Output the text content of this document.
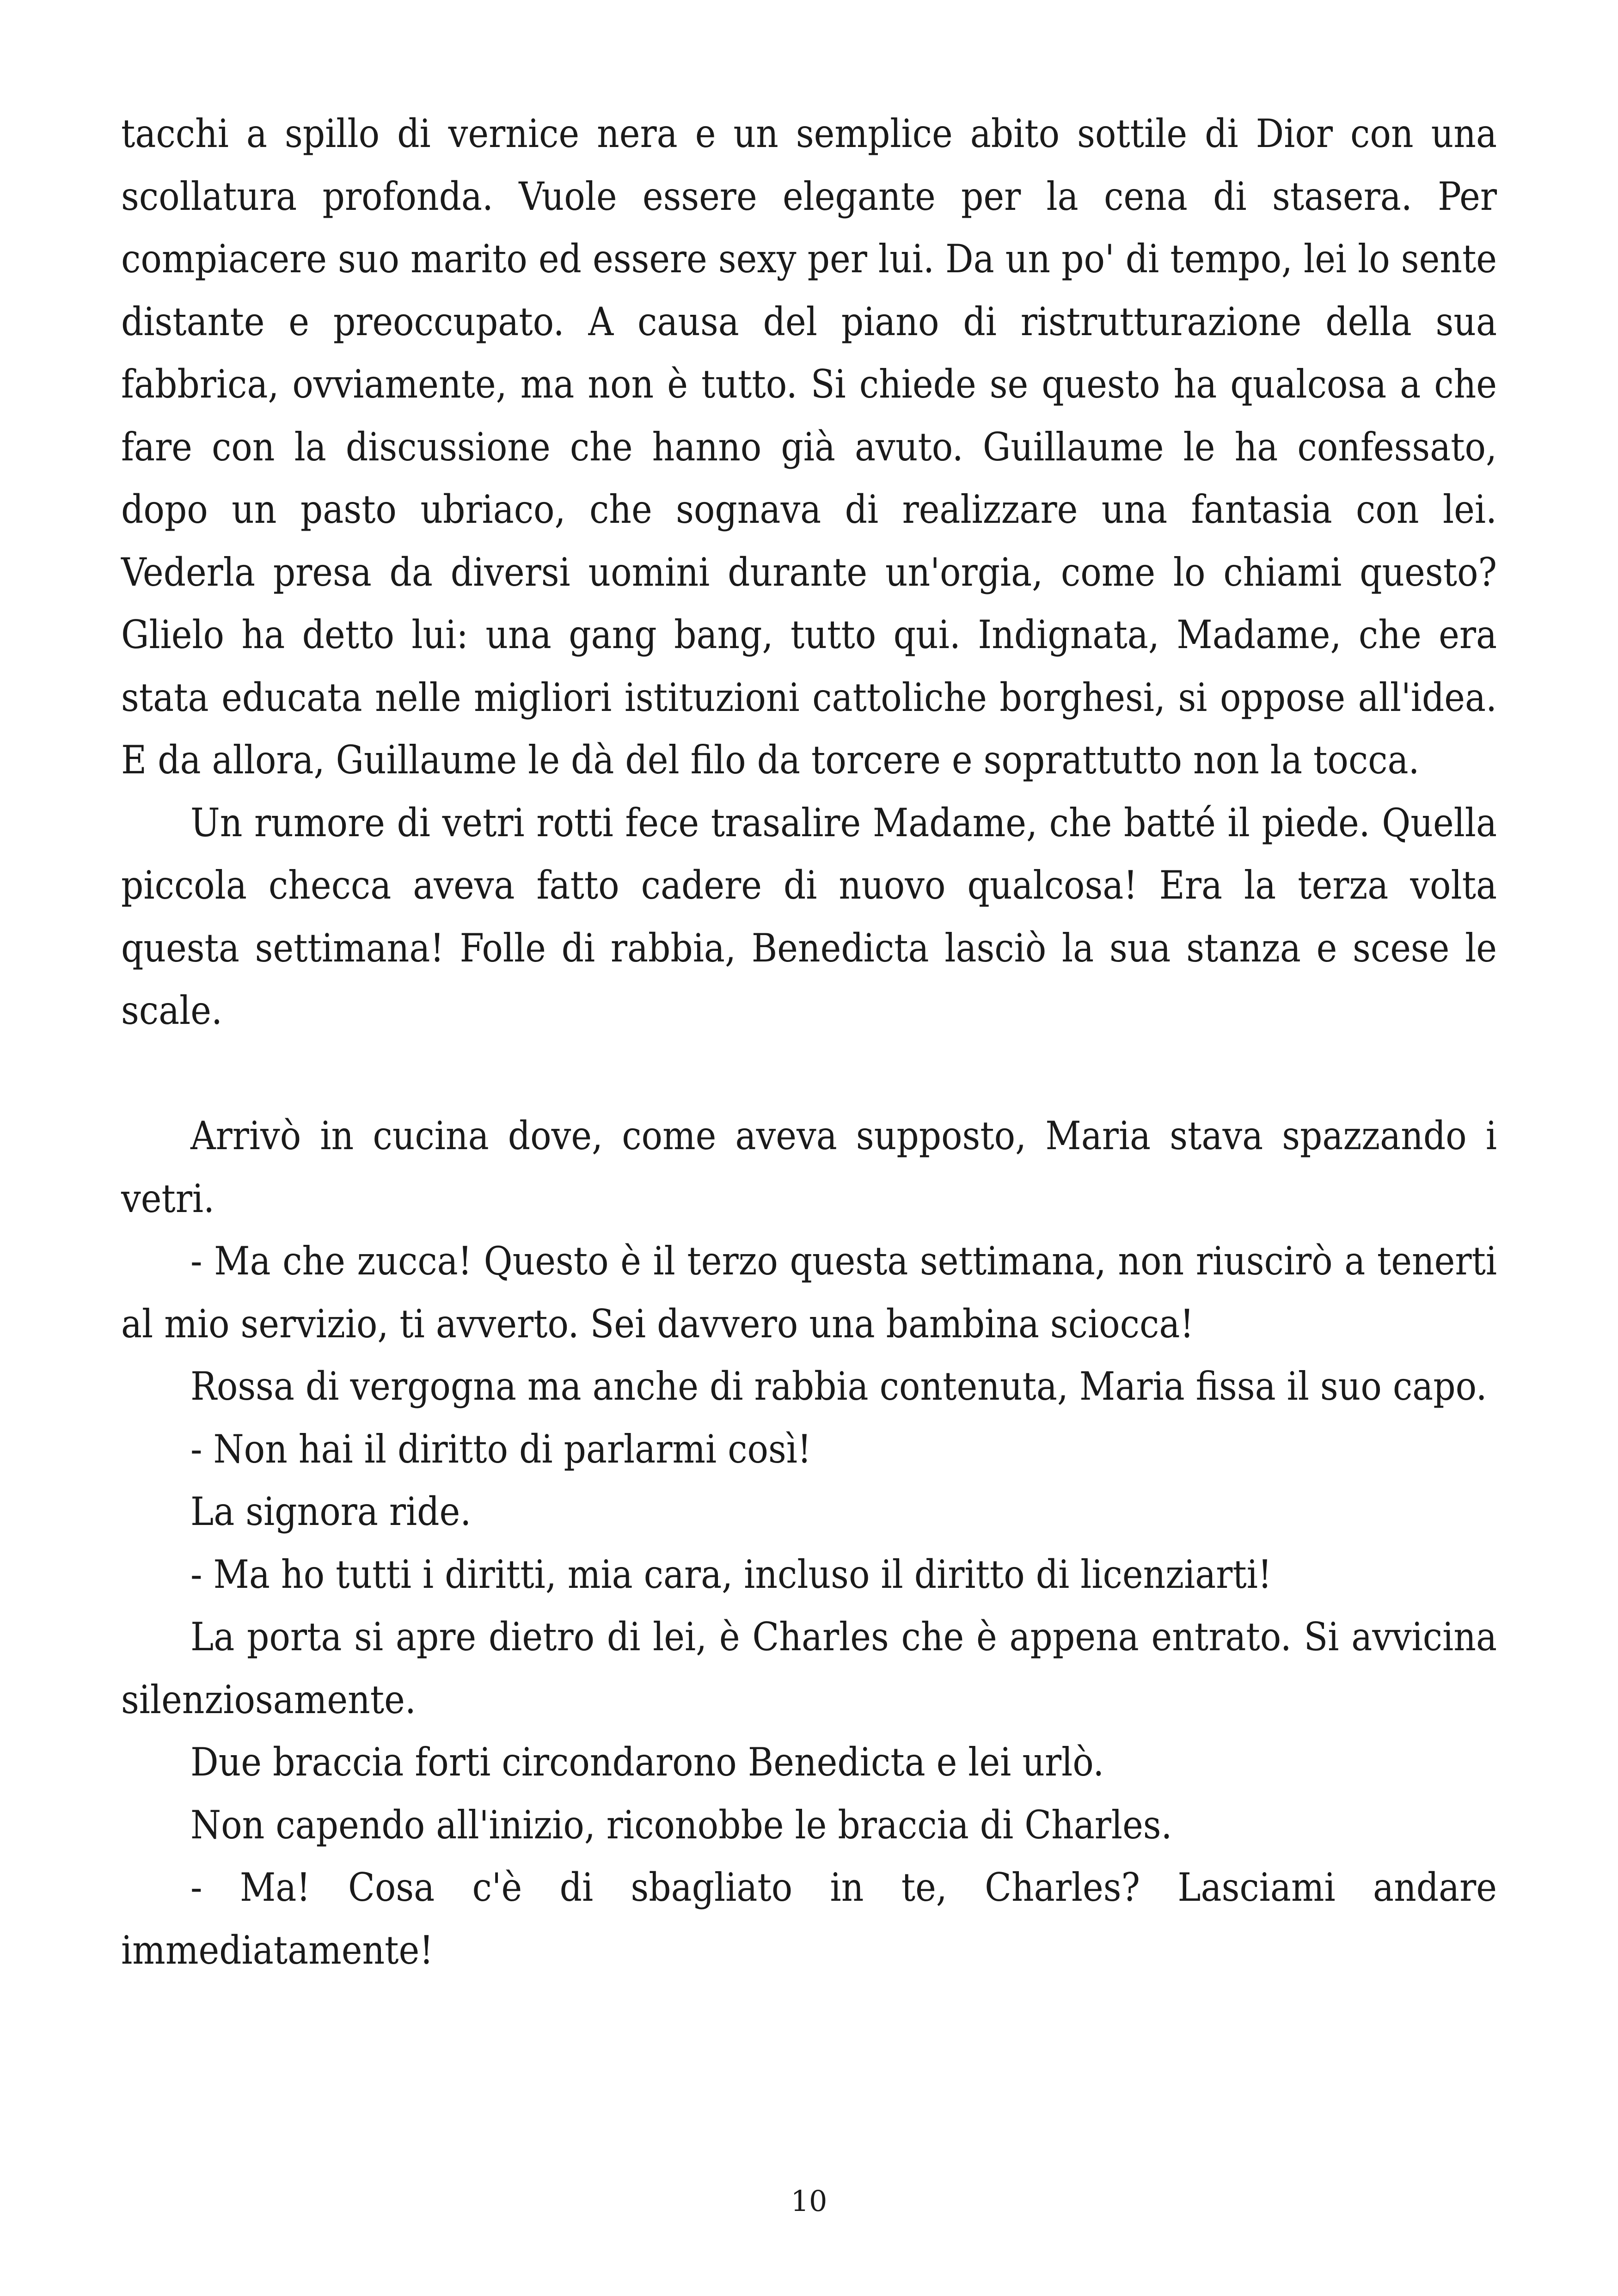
tacchi a spillo di vernice nera e un semplice abito sottile di Dior con una scollatura profonda. Vuole essere elegante per la cena di stasera. Per compiacere suo marito ed essere sexy per lui. Da un po' di tempo, lei lo sente distante e preoccupato. A causa del piano di ristrutturazione della sua fabbrica, ovviamente, ma non è tutto. Si chiede se questo ha qualcosa a che fare con la discussione che hanno già avuto. Guillaume le ha confessato, dopo un pasto ubriaco, che sognava di realizzare una fantasia con lei. Vederla presa da diversi uomini durante un'orgia, come lo chiami questo? Glielo ha detto lui: una gang bang, tutto qui. Indignata, Madame, che era stata educata nelle migliori istituzioni cattoliche borghesi, si oppose all'idea. E da allora, Guillaume le dà del filo da torcere e soprattutto non la tocca.

Un rumore di vetri rotti fece trasalire Madame, che batté il piede. Quella piccola checca aveva fatto cadere di nuovo qualcosa! Era la terza volta questa settimana! Folle di rabbia, Benedicta lasciò la sua stanza e scese le scale.

Arrivò in cucina dove, come aveva supposto, Maria stava spazzando i vetri.

- Ma che zucca! Questo è il terzo questa settimana, non riuscirò a tenerti al mio servizio, ti avverto. Sei davvero una bambina sciocca!

Rossa di vergogna ma anche di rabbia contenuta, Maria fissa il suo capo.

- Non hai il diritto di parlarmi così!

La signora ride.

- Ma ho tutti i diritti, mia cara, incluso il diritto di licenziarti!

La porta si apre dietro di lei, è Charles che è appena entrato. Si avvicina silenziosamente.

Due braccia forti circondarono Benedicta e lei urlò.

Non capendo all'inizio, riconobbe le braccia di Charles.

- Ma! Cosa c'è di sbagliato in te, Charles? Lasciami andare immediatamente!

10
